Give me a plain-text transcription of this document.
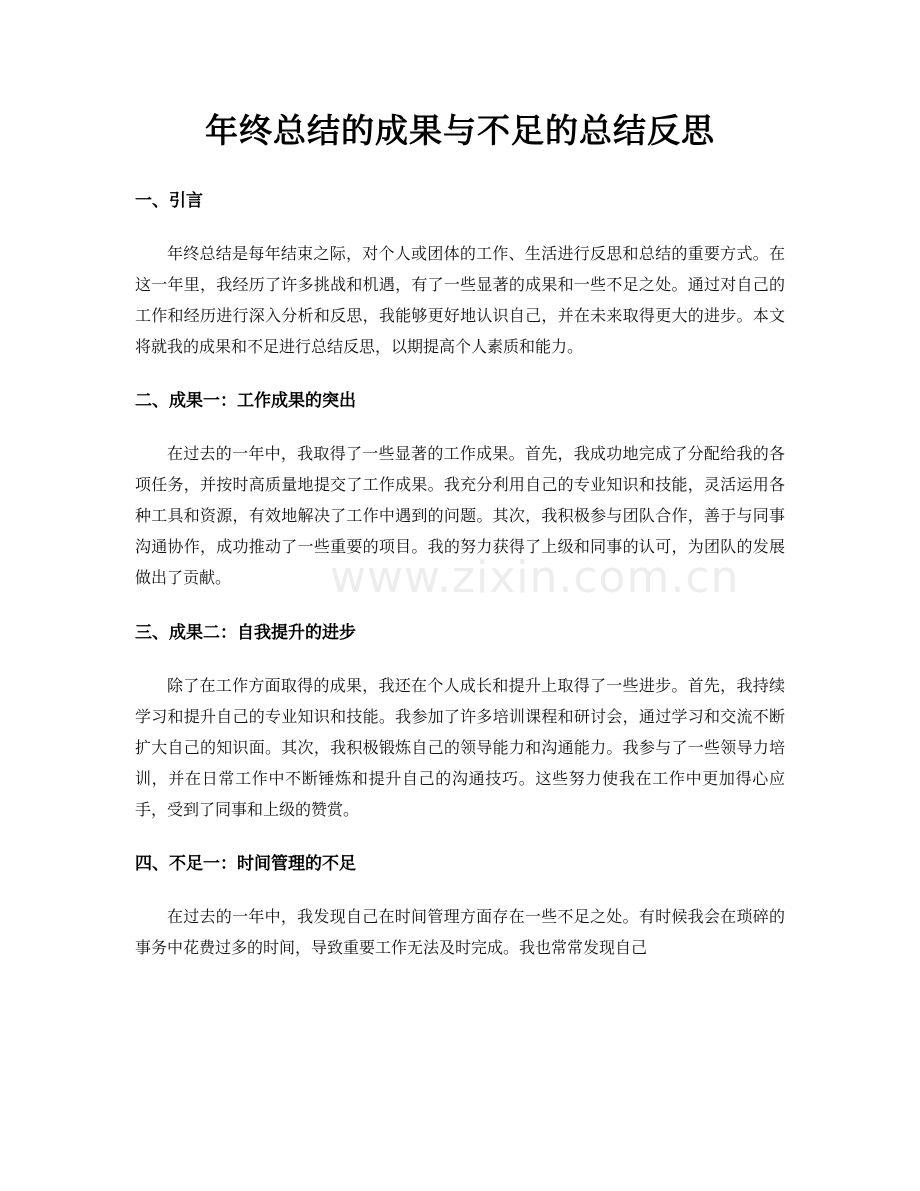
年终总结的成果与不足的总结反思
一、引言

年终总结是每年结束之际，对个人或团体的工作、生活进行反思和总结的重要方式。在这一年里，我经历了许多挑战和机遇，有了一些显著的成果和一些不足之处。通过对自己的工作和经历进行深入分析和反思，我能够更好地认识自己，并在未来取得更大的进步。本文将就我的成果和不足进行总结反思，以期提高个人素质和能力。

二、成果一：工作成果的突出

在过去的一年中，我取得了一些显著的工作成果。首先，我成功地完成了分配给我的各项任务，并按时高质量地提交了工作成果。我充分利用自己的专业知识和技能，灵活运用各种工具和资源，有效地解决了工作中遇到的问题。其次，我积极参与团队合作，善于与同事沟通协作，成功推动了一些重要的项目。我的努力获得了上级和同事的认可，为团队的发展做出了贡献。

三、成果二：自我提升的进步

除了在工作方面取得的成果，我还在个人成长和提升上取得了一些进步。首先，我持续学习和提升自己的专业知识和技能。我参加了许多培训课程和研讨会，通过学习和交流不断扩大自己的知识面。其次，我积极锻炼自己的领导能力和沟通能力。我参与了一些领导力培训，并在日常工作中不断锤炼和提升自己的沟通技巧。这些努力使我在工作中更加得心应手，受到了同事和上级的赞赏。

四、不足一：时间管理的不足

在过去的一年中，我发现自己在时间管理方面存在一些不足之处。有时候我会在琐碎的事务中花费过多的时间，导致重要工作无法及时完成。我也常常发现自己

www.zixin.com.cn
